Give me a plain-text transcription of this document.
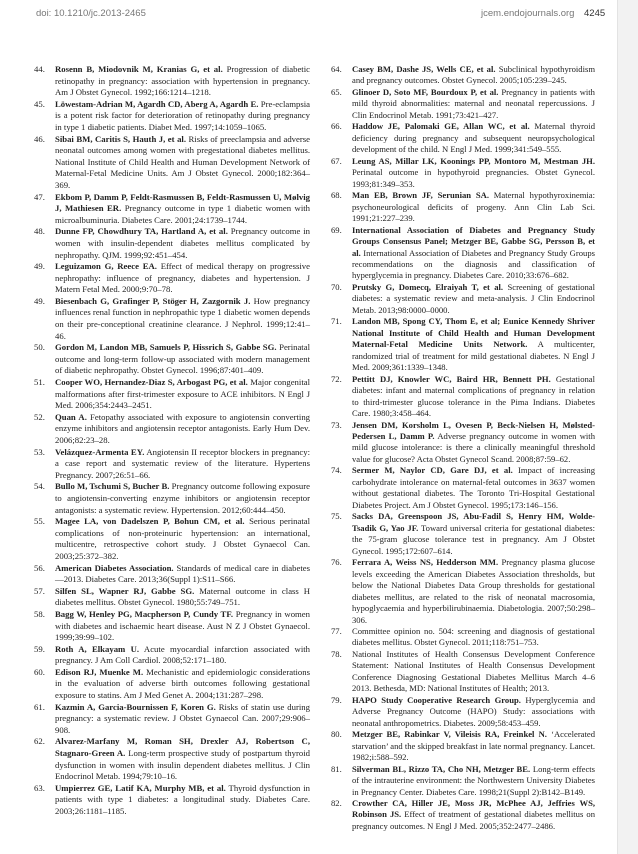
doi: 10.1210/jc.2013-2465	jcem.endojournals.org 4245
44. Rosenn B, Miodovnik M, Kranias G, et al. Progression of diabetic retinopathy in pregnancy: association with hypertension in pregnancy. Am J Obstet Gynecol. 1992;166:1214–1218.
45. Löwestam-Adrian M, Agardh CD, Aberg A, Agardh E. Pre-eclampsia is a potent risk factor for deterioration of retinopathy during pregnancy in type 1 diabetic patients. Diabet Med. 1997;14:1059–1065.
46. Sibai BM, Caritis S, Hauth J, et al. Risks of preeclampsia and adverse neonatal outcomes among women with pregestational diabetes mellitus. National Institute of Child Health and Human Development Network of Maternal-Fetal Medicine Units. Am J Obstet Gynecol. 2000;182:364–369.
47. Ekbom P, Damm P, Feldt-Rasmussen B, Feldt-Rasmussen U, Mølvig J, Mathiesen ER. Pregnancy outcome in type 1 diabetic women with microalbuminuria. Diabetes Care. 2001;24:1739–1744.
48. Dunne FP, Chowdhury TA, Hartland A, et al. Pregnancy outcome in women with insulin-dependent diabetes mellitus complicated by nephropathy. QJM. 1999;92:451–454.
49. Leguizamon G, Reece EA. Effect of medical therapy on progressive nephropathy: influence of pregnancy, diabetes and hypertension. J Matern Fetal Med. 2000;9:70–78.
49. Biesenbach G, Grafinger P, Stöger H, Zazgornik J. How pregnancy influences renal function in nephropathic type 1 diabetic women depends on their pre-conceptional creatinine clearance. J Nephrol. 1999;12:41–46.
50. Gordon M, Landon MB, Samuels P, Hissrich S, Gabbe SG. Perinatal outcome and long-term follow-up associated with modern management of diabetic nephropathy. Obstet Gynecol. 1996;87:401–409.
51. Cooper WO, Hernandez-Diaz S, Arbogast PG, et al. Major congenital malformations after first-trimester exposure to ACE inhibitors. N Engl J Med. 2006;354:2443–2451.
52. Quan A. Fetopathy associated with exposure to angiotensin converting enzyme inhibitors and angiotensin receptor antagonists. Early Hum Dev. 2006;82:23–28.
53. Velázquez-Armenta EY. Angiotensin II receptor blockers in pregnancy: a case report and systematic review of the literature. Hypertens Pregnancy. 2007;26:51–66.
54. Bullo M, Tschumi S, Bucher B. Pregnancy outcome following exposure to angiotensin-converting enzyme inhibitors or angiotensin receptor antagonists: a systematic review. Hypertension. 2012;60:444–450.
55. Magee LA, von Dadelszen P, Bohun CM, et al. Serious perinatal complications of non-proteinuric hypertension: an international, multicentre, retrospective cohort study. J Obstet Gynaecol Can. 2003;25:372–382.
56. American Diabetes Association. Standards of medical care in diabetes—2013. Diabetes Care. 2013;36(Suppl 1):S11–S66.
57. Silfen SL, Wapner RJ, Gabbe SG. Maternal outcome in class H diabetes mellitus. Obstet Gynecol. 1980;55:749–751.
58. Bagg W, Henley PG, Macpherson P, Cundy TF. Pregnancy in women with diabetes and ischaemic heart disease. Aust N Z J Obstet Gynaecol. 1999;39:99–102.
59. Roth A, Elkayam U. Acute myocardial infarction associated with pregnancy. J Am Coll Cardiol. 2008;52:171–180.
60. Edison RJ, Muenke M. Mechanistic and epidemiologic considerations in the evaluation of adverse birth outcomes following gestational exposure to statins. Am J Med Genet A. 2004;131:287–298.
61. Kazmin A, Garcia-Bournissen F, Koren G. Risks of statin use during pregnancy: a systematic review. J Obstet Gynaecol Can. 2007;29:906–908.
62. Alvarez-Marfany M, Roman SH, Drexler AJ, Robertson C, Stagnaro-Green A. Long-term prospective study of postpartum thyroid dysfunction in women with insulin dependent diabetes mellitus. J Clin Endocrinol Metab. 1994;79:10–16.
63. Umpierrez GE, Latif KA, Murphy MB, et al. Thyroid dysfunction in patients with type 1 diabetes: a longitudinal study. Diabetes Care. 2003;26:1181–1185.
64. Casey BM, Dashe JS, Wells CE, et al. Subclinical hypothyroidism and pregnancy outcomes. Obstet Gynecol. 2005;105:239–245.
65. Glinoer D, Soto MF, Bourdoux P, et al. Pregnancy in patients with mild thyroid abnormalities: maternal and neonatal repercussions. J Clin Endocrinol Metab. 1991;73:421–427.
66. Haddow JE, Palomaki GE, Allan WC, et al. Maternal thyroid deficiency during pregnancy and subsequent neuropsychological development of the child. N Engl J Med. 1999;341:549–555.
67. Leung AS, Millar LK, Koonings PP, Montoro M, Mestman JH. Perinatal outcome in hypothyroid pregnancies. Obstet Gynecol. 1993;81:349–353.
68. Man EB, Brown JF, Serunian SA. Maternal hypothyroxinemia: psychoneurological deficits of progeny. Ann Clin Lab Sci. 1991;21:227–239.
69. International Association of Diabetes and Pregnancy Study Groups Consensus Panel; Metzger BE, Gabbe SG, Persson B, et al. International Association of Diabetes and Pregnancy Study Groups recommendations on the diagnosis and classification of hyperglycemia in pregnancy. Diabetes Care. 2010;33:676–682.
70. Prutsky G, Domecq, Elraiyah T, et al. Screening of gestational diabetes: a systematic review and meta-analysis. J Clin Endocrinol Metab. 2013;98:0000–0000.
71. Landon MB, Spong CY, Thom E, et al; Eunice Kennedy Shriver National Institute of Child Health and Human Development Maternal-Fetal Medicine Units Network. A multicenter, randomized trial of treatment for mild gestational diabetes. N Engl J Med. 2009;361:1339–1348.
72. Pettitt DJ, Knowler WC, Baird HR, Bennett PH. Gestational diabetes: infant and maternal complications of pregnancy in relation to third-trimester glucose tolerance in the Pima Indians. Diabetes Care. 1980;3:458–464.
73. Jensen DM, Korsholm L, Ovesen P, Beck-Nielsen H, Mølsted-Pedersen L, Damm P. Adverse pregnancy outcome in women with mild glucose intolerance: is there a clinically meaningful threshold value for glucose? Acta Obstet Gynecol Scand. 2008;87:59–62.
74. Sermer M, Naylor CD, Gare DJ, et al. Impact of increasing carbohydrate intolerance on maternal-fetal outcomes in 3637 women without gestational diabetes. The Toronto Tri-Hospital Gestational Diabetes Project. Am J Obstet Gynecol. 1995;173:146–156.
75. Sacks DA, Greenspoon JS, Abu-Fadil S, Henry HM, Wolde-Tsadik G, Yao JF. Toward universal criteria for gestational diabetes: the 75-gram glucose tolerance test in pregnancy. Am J Obstet Gynecol. 1995;172:607–614.
76. Ferrara A, Weiss NS, Hedderson MM. Pregnancy plasma glucose levels exceeding the American Diabetes Association thresholds, but below the National Diabetes Data Group thresholds for gestational diabetes mellitus, are related to the risk of neonatal macrosomia, hypoglycaemia and hyperbilirubinaemia. Diabetologia. 2007;50:298–306.
77. Committee opinion no. 504: screening and diagnosis of gestational diabetes mellitus. Obstet Gynecol. 2011;118:751–753.
78. National Institutes of Health Consensus Development Conference Statement: National Institutes of Health Consensus Development Conference Diagnosing Gestational Diabetes Mellitus March 4–6 2013. Bethesda, MD: National Institutes of Health; 2013.
79. HAPO Study Cooperative Research Group. Hyperglycemia and Adverse Pregnancy Outcome (HAPO) Study: associations with neonatal anthropometrics. Diabetes. 2009;58:453–459.
80. Metzger BE, Rabinkar V, Vileisis RA, Freinkel N. ‘Accelerated starvation’ and the skipped breakfast in late normal pregnancy. Lancet. 1982;i:588–592.
81. Silverman BL, Rizzo TA, Cho NH, Metzger BE. Long-term effects of the intrauterine environment: the Northwestern University Diabetes in Pregnancy Center. Diabetes Care. 1998;21(Suppl 2):B142–B149.
82. Crowther CA, Hiller JE, Moss JR, McPhee AJ, Jeffries WS, Robinson JS. Effect of treatment of gestational diabetes mellitus on pregnancy outcomes. N Engl J Med. 2005;352:2477–2486.
